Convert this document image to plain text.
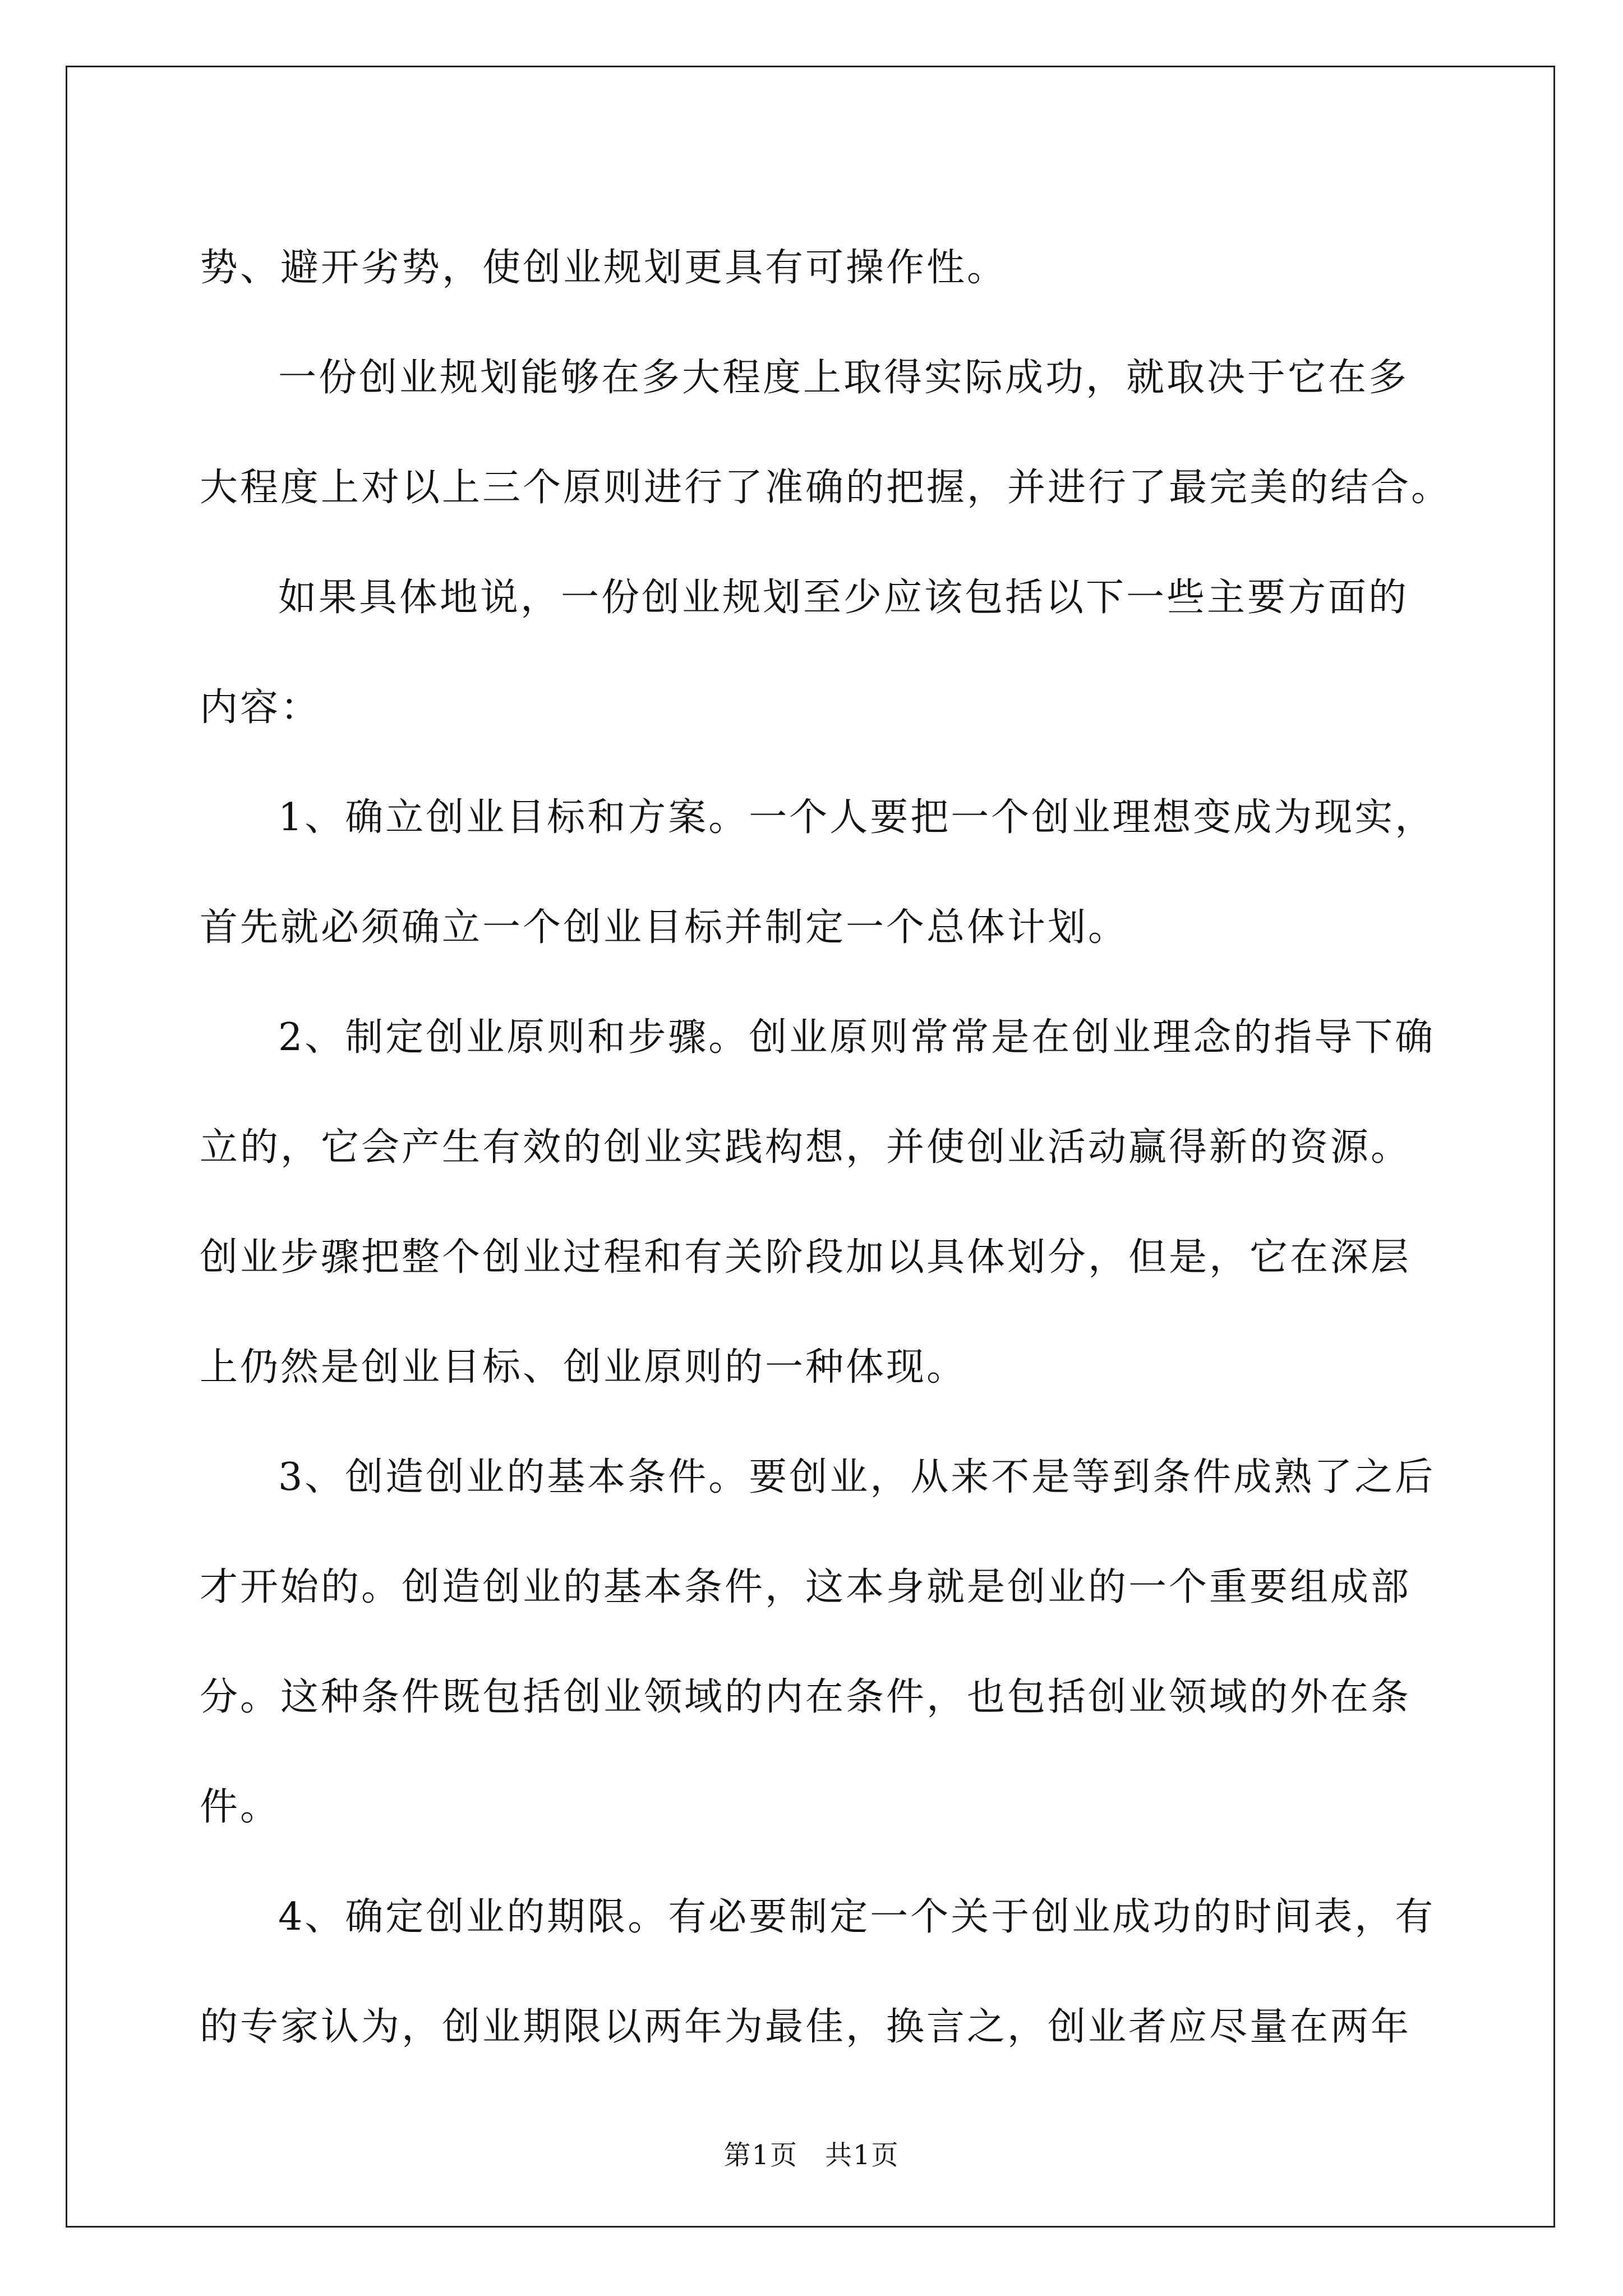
势、避开劣势，使创业规划更具有可操作性。
一份创业规划能够在多大程度上取得实际成功，就取决于它在多
大程度上对以上三个原则进行了准确的把握，并进行了最完美的结合。
如果具体地说，一份创业规划至少应该包括以下一些主要方面的
内容：
1、确立创业目标和方案。一个人要把一个创业理想变成为现实，
首先就必须确立一个创业目标并制定一个总体计划。
2、制定创业原则和步骤。创业原则常常是在创业理念的指导下确
立的，它会产生有效的创业实践构想，并使创业活动赢得新的资源。
创业步骤把整个创业过程和有关阶段加以具体划分，但是，它在深层
上仍然是创业目标、创业原则的一种体现。
3、创造创业的基本条件。要创业，从来不是等到条件成熟了之后
才开始的。创造创业的基本条件，这本身就是创业的一个重要组成部
分。这种条件既包括创业领域的内在条件，也包括创业领域的外在条
件。
4、确定创业的期限。有必要制定一个关于创业成功的时间表，有
的专家认为，创业期限以两年为最佳，换言之，创业者应尽量在两年
第1页 共1页
